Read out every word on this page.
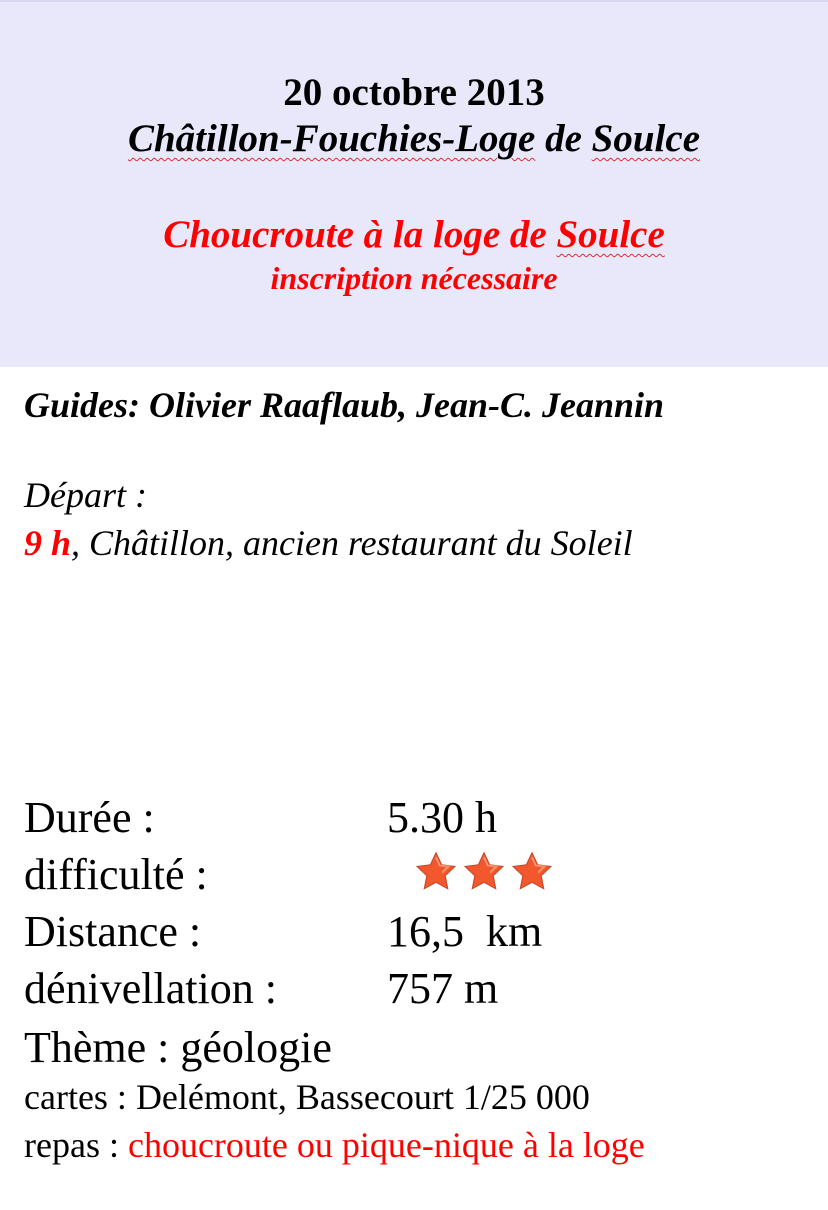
20 octobre 2013
Châtillon-Fouchies-Loge de Soulce
Choucroute à la loge de Soulce
inscription nécessaire
Guides: Olivier Raaflaub, Jean-C. Jeannin
Départ :
9 h, Châtillon, ancien restaurant du Soleil
Durée :	5.30 h
difficulté :
Distance :	16,5  km
dénivellation :	757 m
Thème : géologie
cartes : Delémont, Bassecourt 1/25 000
repas : choucroute ou pique-nique à la loge
